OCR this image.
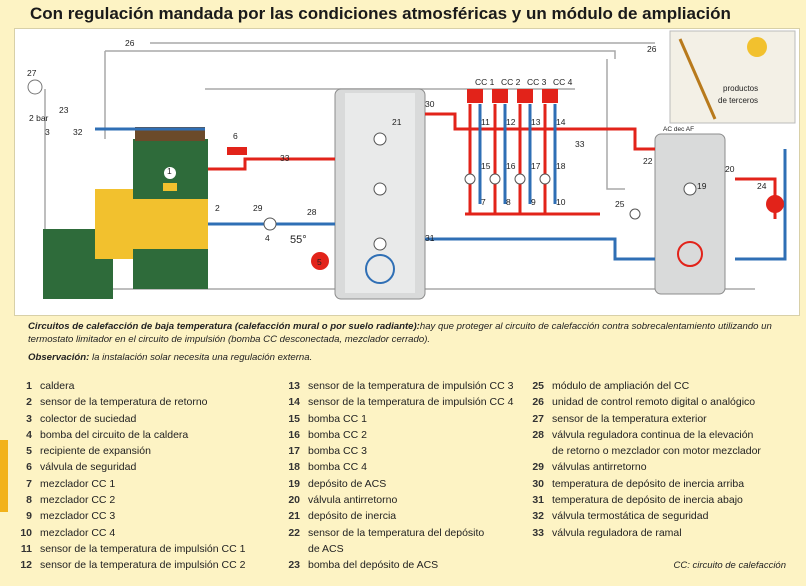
Con regulación mandada por las condiciones atmosféricas y un módulo de ampliación
productos
de terceros
26
26
27
23
32
3
2 bar
1
6
33
2	29
4
28
55°
5
30
21
31
CC 1 CC 2 CC 3 CC 4
11 12 13 14
15 16 17 18
7 8 9 10
33
25
22
19
20
24
AC dec AF
Circuitos de calefacción de baja temperatura (calefacción mural o por suelo radiante):hay que proteger al circuito de calefacción contra sobrecalentamiento utilizando un termostato limitador en el circuito de impulsión (bomba CC desconectada, mezclador cerrado).
Observación: la instalación solar necesita una regulación externa.
1 caldera
2 sensor de la temperatura de retorno
3 colector de suciedad
4 bomba del circuito de la caldera
5 recipiente de expansión
6 válvula de seguridad
7 mezclador CC 1
8 mezclador CC 2
9 mezclador CC 3
10 mezclador CC 4
11 sensor de la temperatura de impulsión CC 1
12 sensor de la temperatura de impulsión CC 2
13 sensor de la temperatura de impulsión CC 3
14 sensor de la temperatura de impulsión CC 4
15 bomba CC 1
16 bomba CC 2
17 bomba CC 3
18 bomba CC 4
19 depósito de ACS
20 válvula antirretorno
21 depósito de inercia
22 sensor de la temperatura del depósito
de ACS
23 bomba del depósito de ACS
25 módulo de ampliación del CC
26 unidad de control remoto digital o analógico
27 sensor de la temperatura exterior
28 válvula reguladora continua de la elevación
de retorno o mezclador con motor mezclador
29 válvulas antirretorno
30 temperatura de depósito de inercia arriba
31 temperatura de depósito de inercia abajo
32 válvula termostática de seguridad
33 válvula reguladora de ramal
CC: circuito de calefacción
